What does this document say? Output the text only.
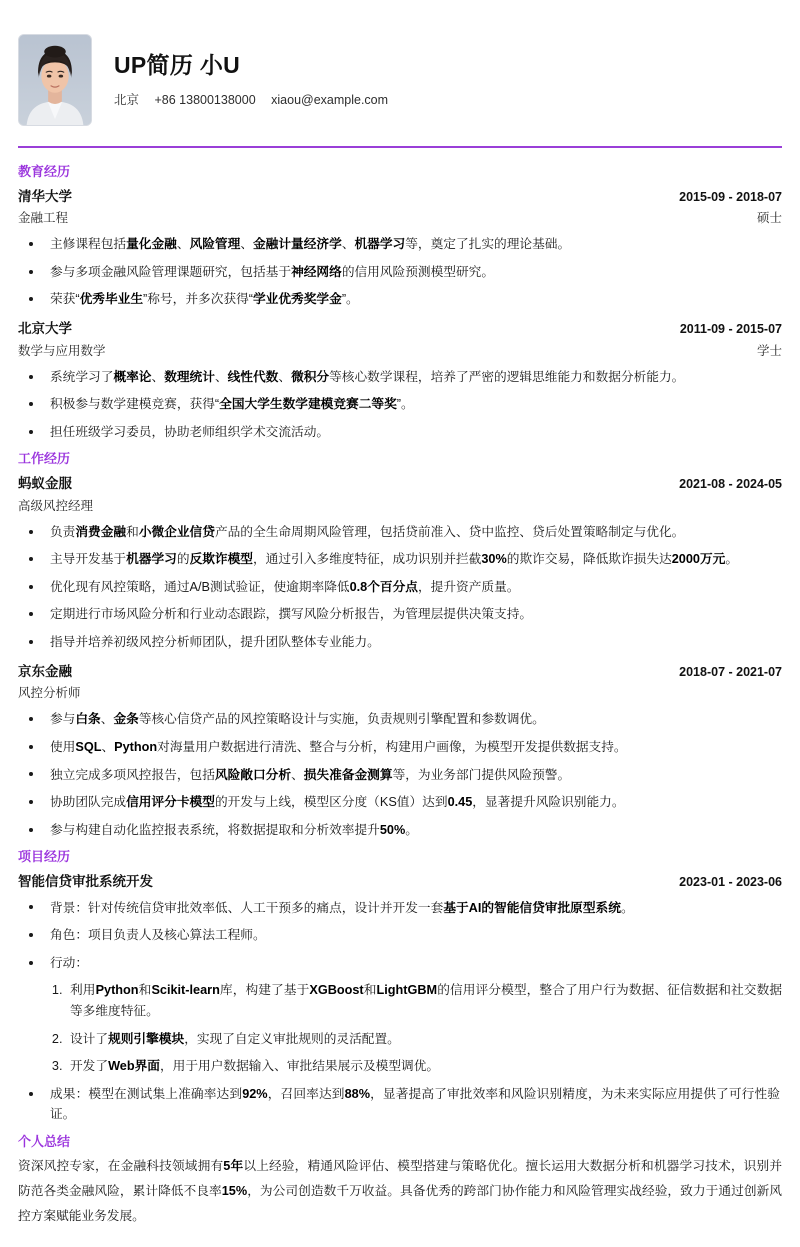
UP简历 小U
北京 +86 13800138000 xiaou@example.com
教育经历
清华大学	2015-09 - 2018-07
金融工程	硕士
主修课程包括量化金融、风险管理、金融计量经济学、机器学习等，奠定了扎实的理论基础。
参与多项金融风险管理课题研究，包括基于神经网络的信用风险预测模型研究。
荣获“优秀毕业生”称号，并多次获得“学业优秀奖学金”。
北京大学	2011-09 - 2015-07
数学与应用数学	学士
系统学习了概率论、数理统计、线性代数、微积分等核心数学课程，培养了严密的逻辑思维能力和数据分析能力。
积极参与数学建模竞赛，获得“全国大学生数学建模竞赛二等奖”。
担任班级学习委员，协助老师组织学术交流活动。
工作经历
蚂蚁金服	2021-08 - 2024-05
高级风控经理
负责消费金融和小微企业信贷产品的全生命周期风险管理，包括贷前准入、贷中监控、贷后处置策略制定与优化。
主导开发基于机器学习的反欺诈模型，通过引入多维度特征，成功识别并拦截30%的欺诈交易，降低欺诈损失达2000万元。
优化现有风控策略，通过A/B测试验证，使逾期率降低0.8个百分点，提升资产质量。
定期进行市场风险分析和行业动态跟踪，撰写风险分析报告，为管理层提供决策支持。
指导并培养初级风控分析师团队，提升团队整体专业能力。
京东金融	2018-07 - 2021-07
风控分析师
参与白条、金条等核心信贷产品的风控策略设计与实施，负责规则引擎配置和参数调优。
使用SQL、Python对海量用户数据进行清洗、整合与分析，构建用户画像，为模型开发提供数据支持。
独立完成多项风控报告，包括风险敞口分析、损失准备金测算等，为业务部门提供风险预警。
协助团队完成信用评分卡模型的开发与上线，模型区分度（KS值）达到0.45，显著提升风险识别能力。
参与构建自动化监控报表系统，将数据提取和分析效率提升50%。
项目经历
智能信贷审批系统开发	2023-01 - 2023-06
背景：针对传统信贷审批效率低、人工干预多的痛点，设计并开发一套基于AI的智能信贷审批原型系统。
角色：项目负责人及核心算法工程师。
行动：
1. 利用Python和Scikit-learn库，构建了基于XGBoost和LightGBM的信用评分模型，整合了用户行为数据、征信数据和社交数据等多维度特征。
2. 设计了规则引擎模块，实现了自定义审批规则的灵活配置。
3. 开发了Web界面，用于用户数据输入、审批结果展示及模型调优。
成果：模型在测试集上准确率达到92%，召回率达到88%，显著提高了审批效率和风险识别精度，为未来实际应用提供了可行性验证。
个人总结

资深风控专家，在金融科技领域拥有5年以上经验，精通风险评估、模型搭建与策略优化。擅长运用大数据分析和机器学习技术，识别并防范各类金融风险，累计降低不良率15%，为公司创造数千万收益。具备优秀的跨部门协作能力和风险管理实战经验，致力于通过创新风控方案赋能业务发展。
